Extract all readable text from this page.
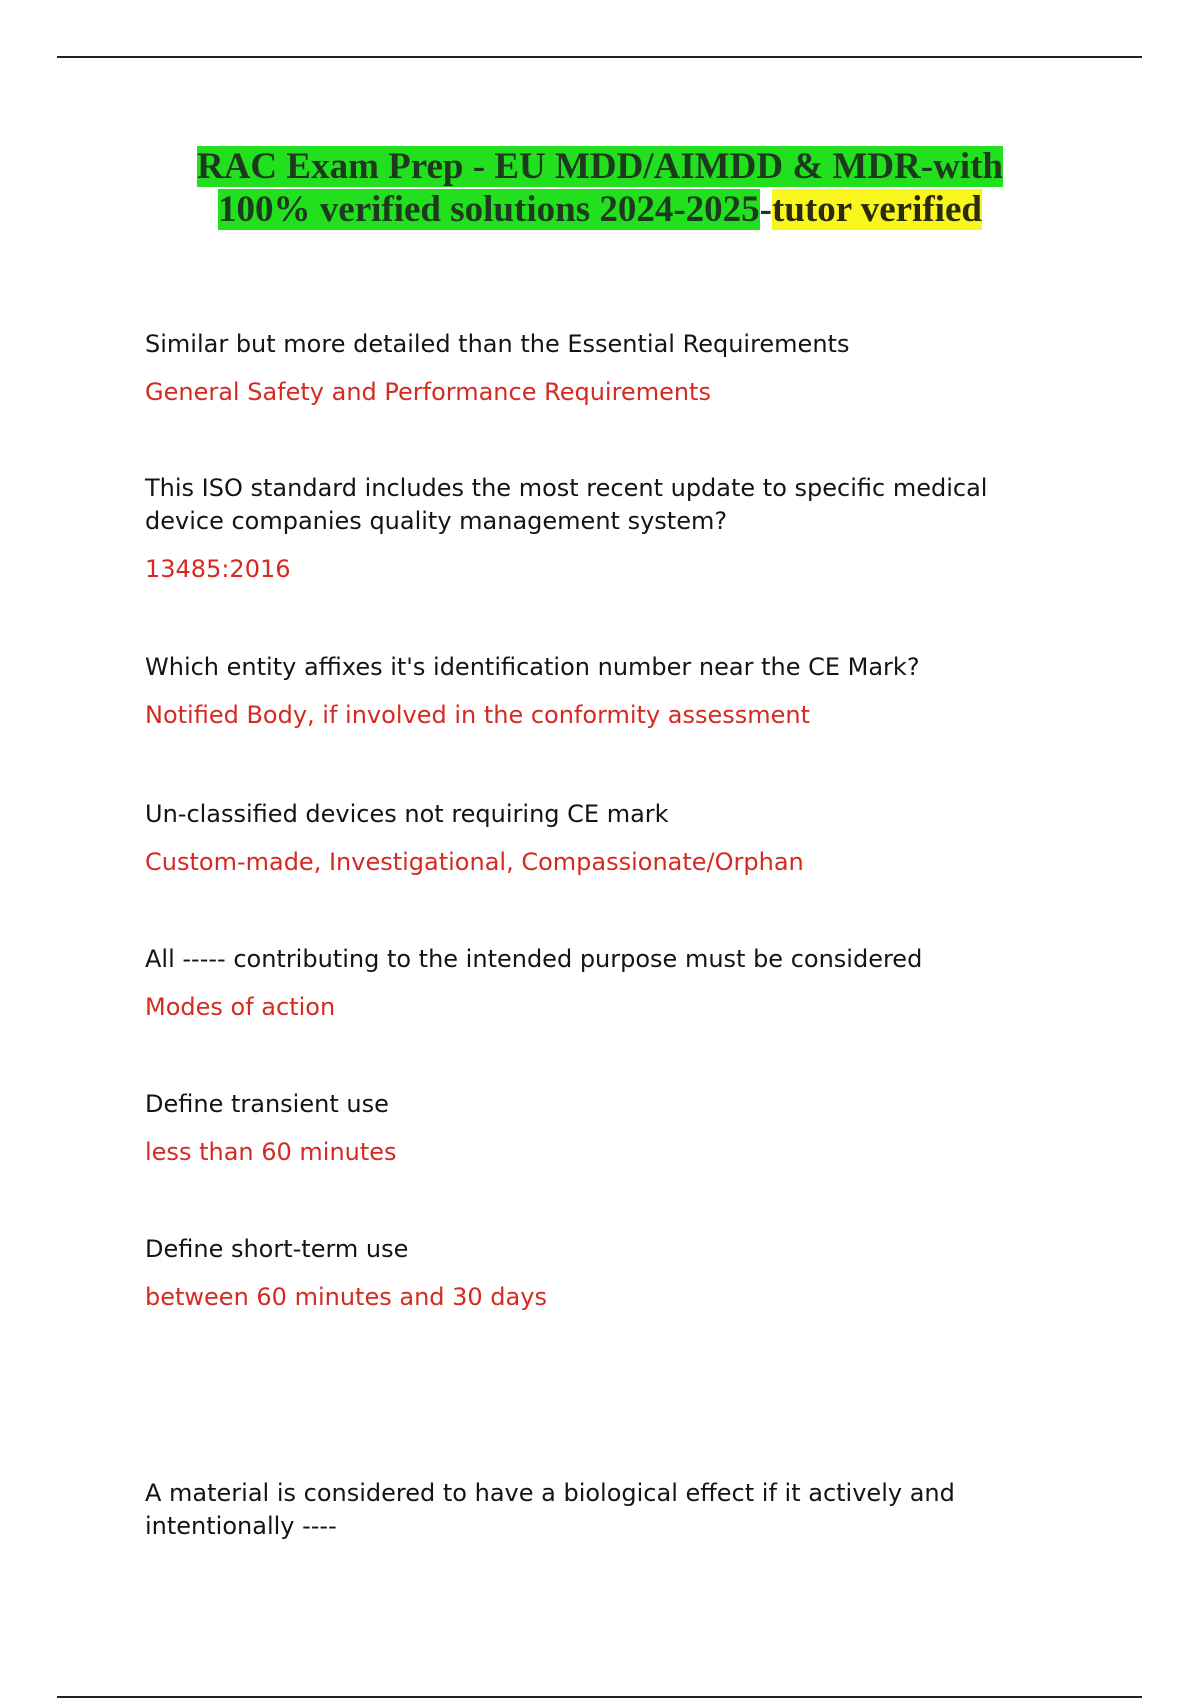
RAC Exam Prep - EU MDD/AIMDD & MDR-with
100% verified solutions 2024-2025-tutor verified
Similar but more detailed than the Essential Requirements
General Safety and Performance Requirements
This ISO standard includes the most recent update to specific medical device companies quality management system?
13485:2016
Which entity affixes it's identification number near the CE Mark?
Notified Body, if involved in the conformity assessment
Un-classified devices not requiring CE mark
Custom-made, Investigational, Compassionate/Orphan
All ----- contributing to the intended purpose must be considered
Modes of action
Define transient use
less than 60 minutes
Define short-term use
between 60 minutes and 30 days
A material is considered to have a biological effect if it actively and intentionally ----
